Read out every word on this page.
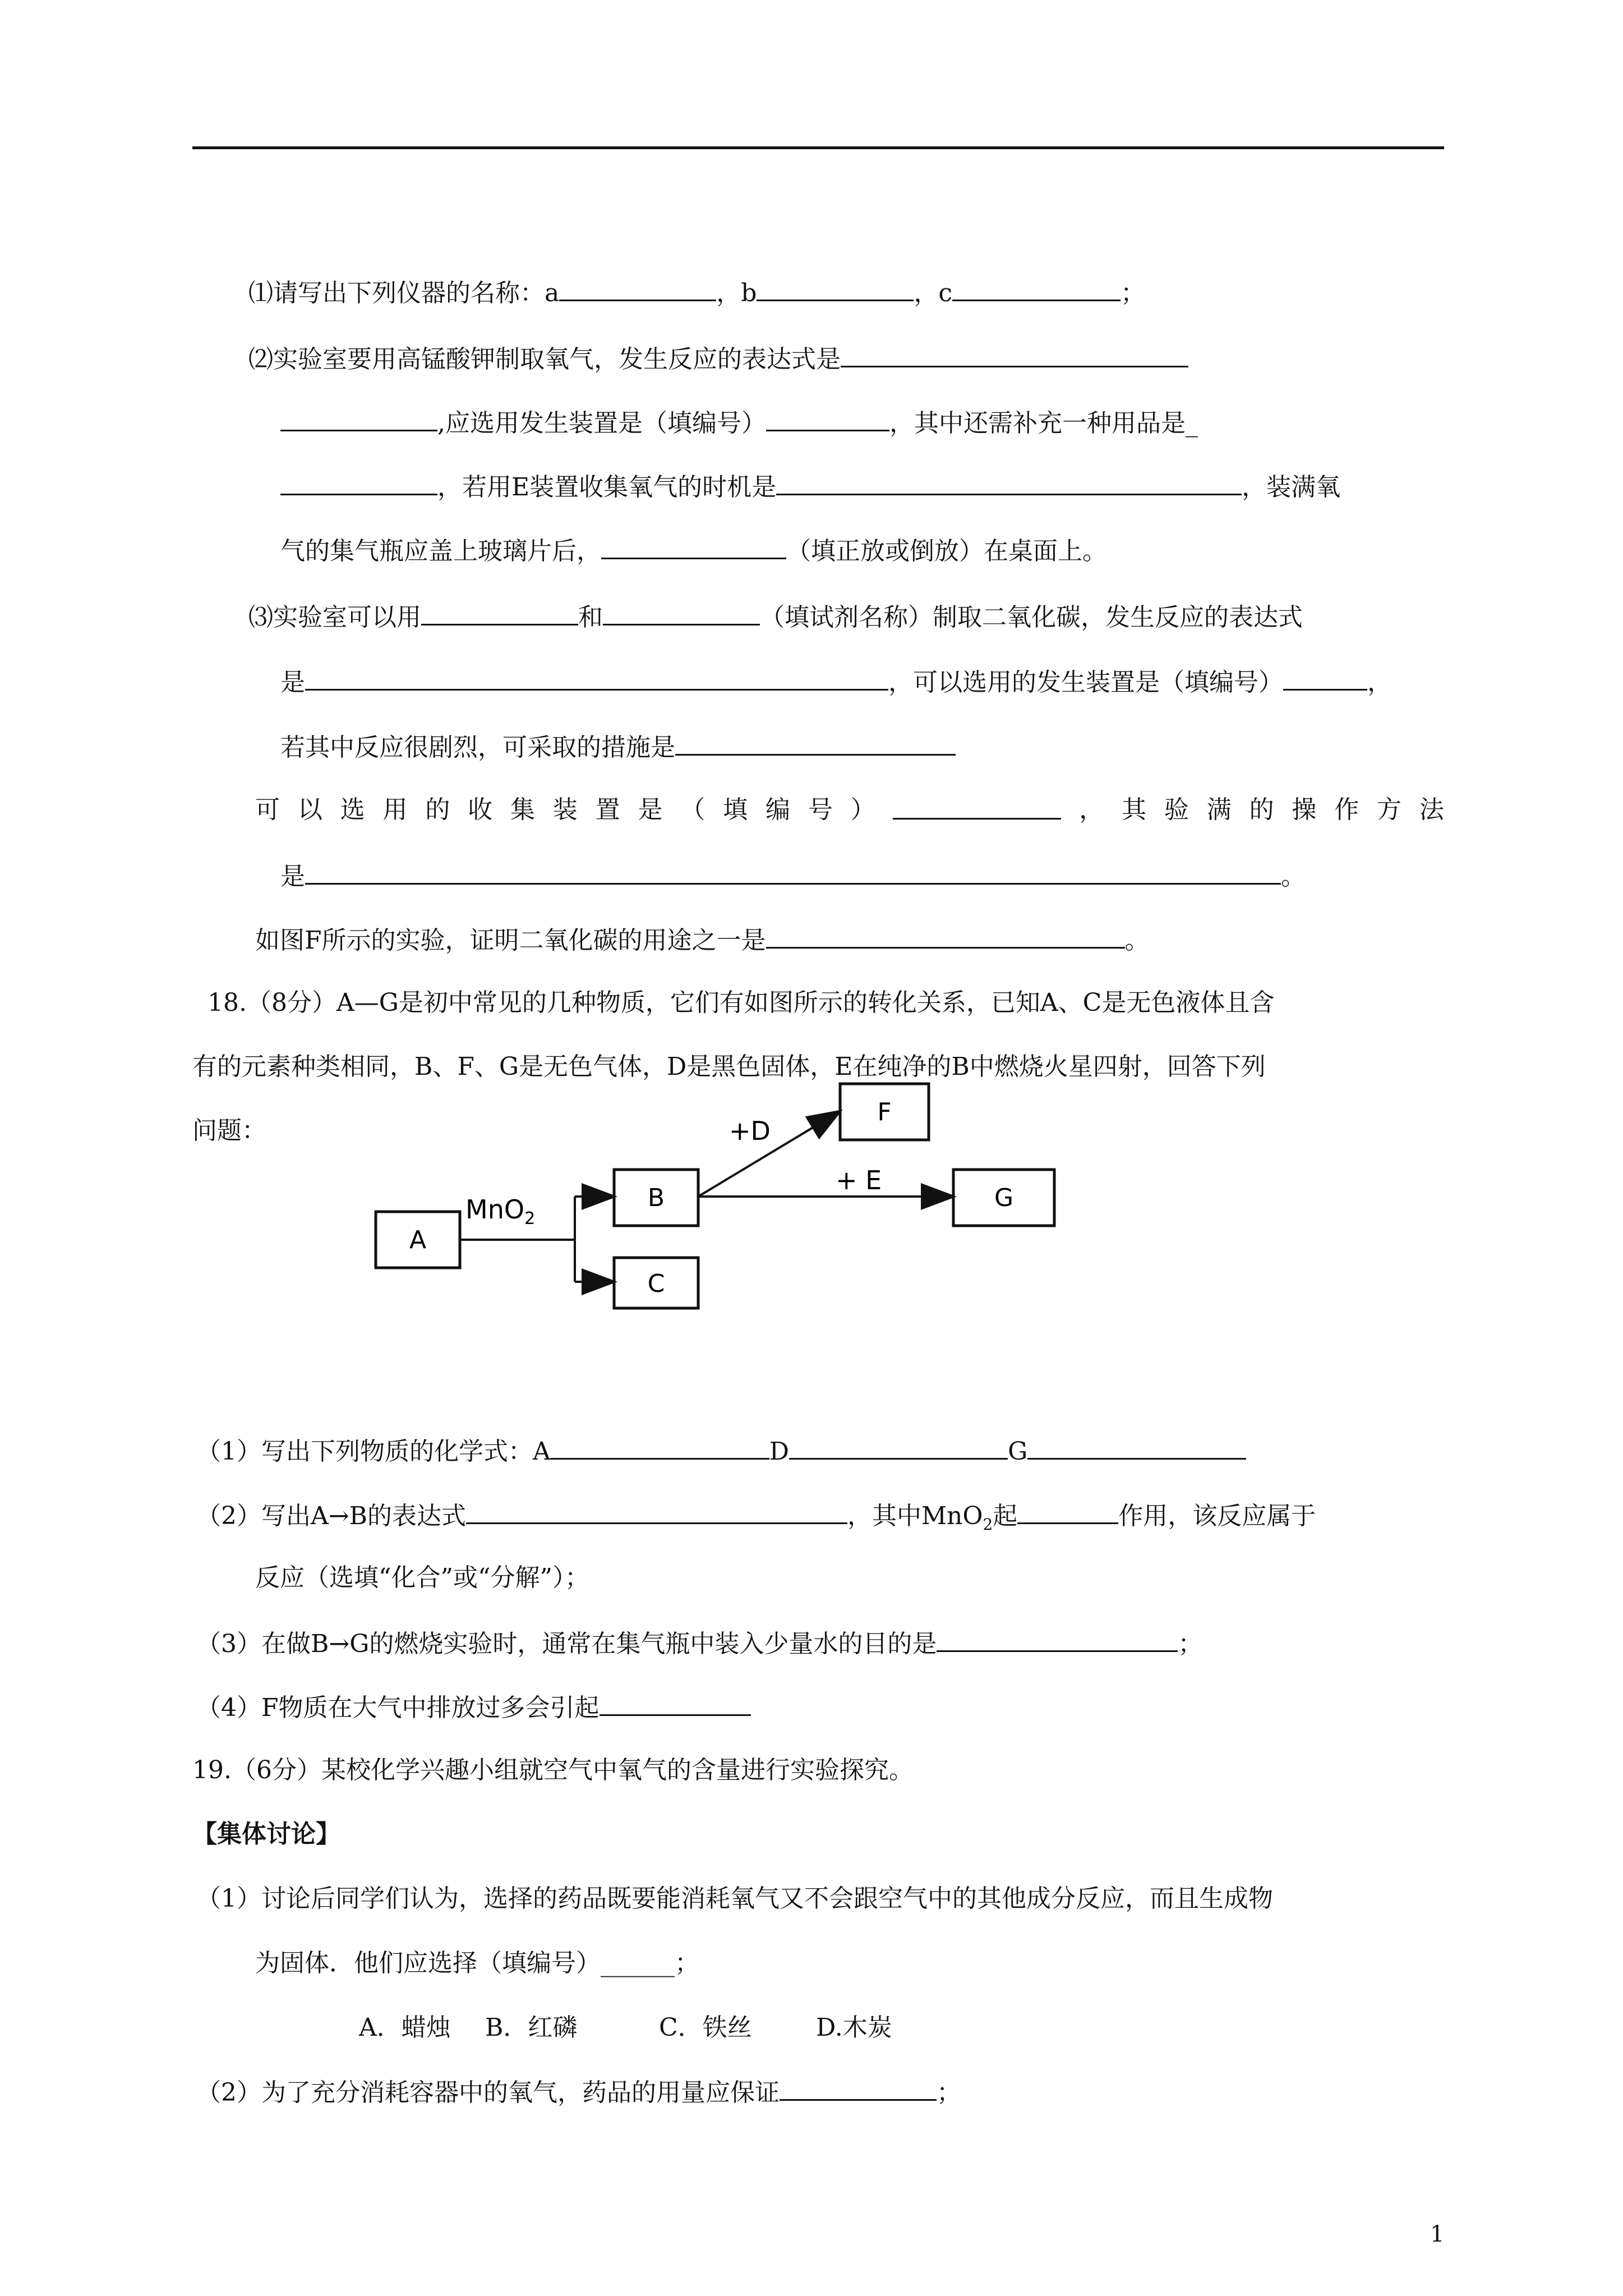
⑴请写出下列仪器的名称：a	，b	，c	；
⑵实验室要用高锰酸钾制取氧气，发生反应的表达式是
,应选用发生装置是（填编号）	，其中还需补充一种用品是_
，若用E装置收集氧气的时机是	，装满氧
气的集气瓶应盖上玻璃片后，	（填正放或倒放）在桌面上。
⑶实验室可以用	和	（填试剂名称）制取二氧化碳，发生反应的表达式
是	，可以选用的发生装置是（填编号）	，
若其中反应很剧烈，可采取的措施是
可 以 选 用 的 收 集 装 置 是 （ 填 编 号 ）	， 其 验 满 的 操 作 方 法
是	。
如图F所示的实验，证明二氧化碳的用途之一是	。
18.（8分）A—G是初中常见的几种物质，它们有如图所示的转化关系，已知A、C是无色液体且含
有的元素种类相同，B、F、G是无色气体，D是黑色固体，E在纯净的B中燃烧火星四射，回答下列
问题：
A
B
C
F
G
MnO$_2$
+D
+ E
（1）写出下列物质的化学式：A	D	G
（2）写出A→B的表达式	，其中MnO$_2$起	作用，该反应属于
反应（选填“化合”或“分解”）；
（3）在做B→G的燃烧实验时，通常在集气瓶中装入少量水的目的是	；
（4）F物质在大气中排放过多会引起
19.（6分）某校化学兴趣小组就空气中氧气的含量进行实验探究。
【集体讨论】
（1）讨论后同学们认为，选择的药品既要能消耗氧气又不会跟空气中的其他成分反应，而且生成物
为固体．他们应选择（填编号）______；
A．蜡烛 B．红磷	C．铁丝	D.木炭
（2）为了充分消耗容器中的氧气，药品的用量应保证	；
1
